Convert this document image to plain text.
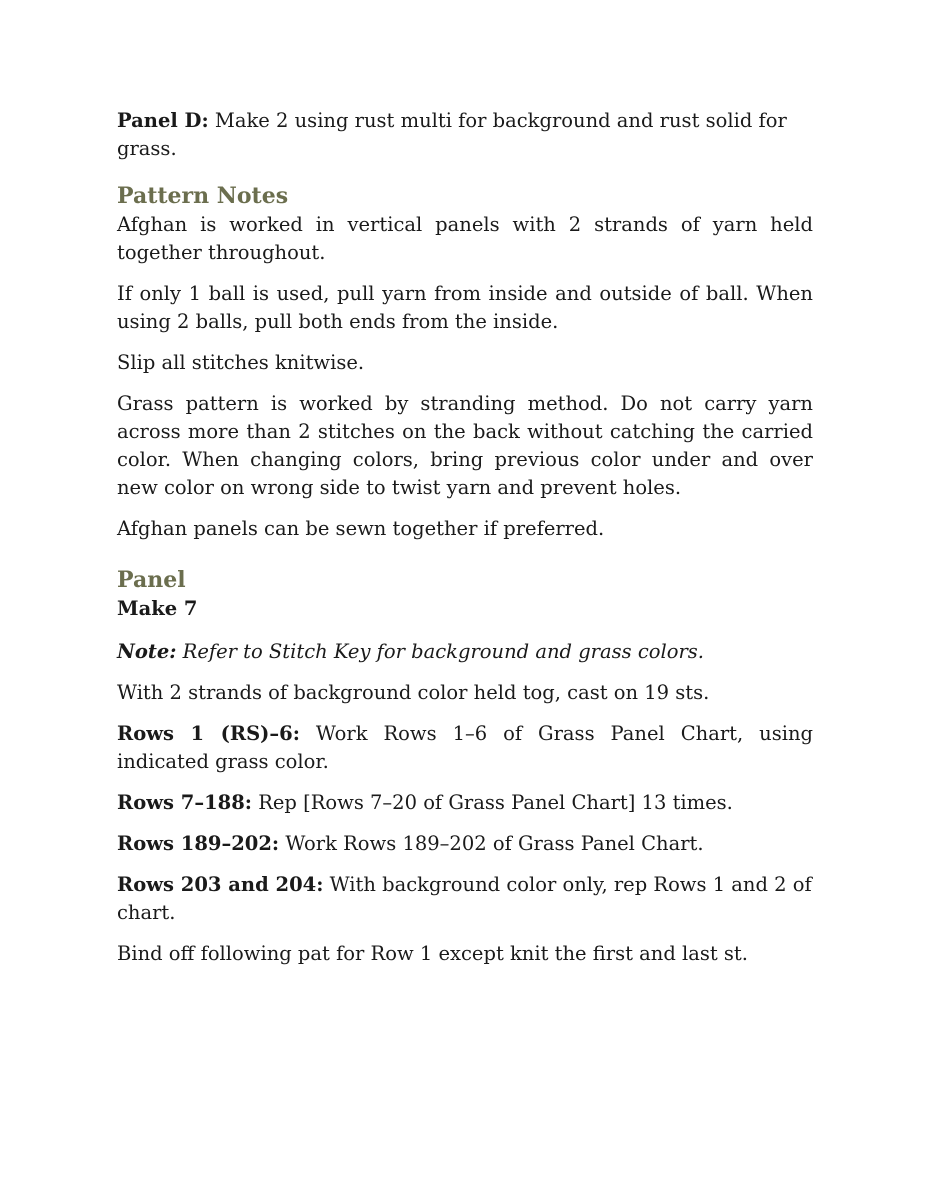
Panel D: Make 2 using rust multi for background and rust solid for grass.

Pattern Notes

Afghan is worked in vertical panels with 2 strands of yarn held together throughout.

If only 1 ball is used, pull yarn from inside and outside of ball. When using 2 balls, pull both ends from the inside.

Slip all stitches knitwise.

Grass pattern is worked by stranding method. Do not carry yarn across more than 2 stitches on the back without catching the carried color. When changing colors, bring previous color under and over new color on wrong side to twist yarn and prevent holes.

Afghan panels can be sewn together if preferred.

Panel

Make 7

Note: Refer to Stitch Key for background and grass colors.

With 2 strands of background color held tog, cast on 19 sts.

Rows 1 (RS)–6: Work Rows 1–6 of Grass Panel Chart, using indicated grass color.

Rows 7–188: Rep [Rows 7–20 of Grass Panel Chart] 13 times.

Rows 189–202: Work Rows 189–202 of Grass Panel Chart.

Rows 203 and 204: With background color only, rep Rows 1 and 2 of chart.

Bind off following pat for Row 1 except knit the first and last st.
